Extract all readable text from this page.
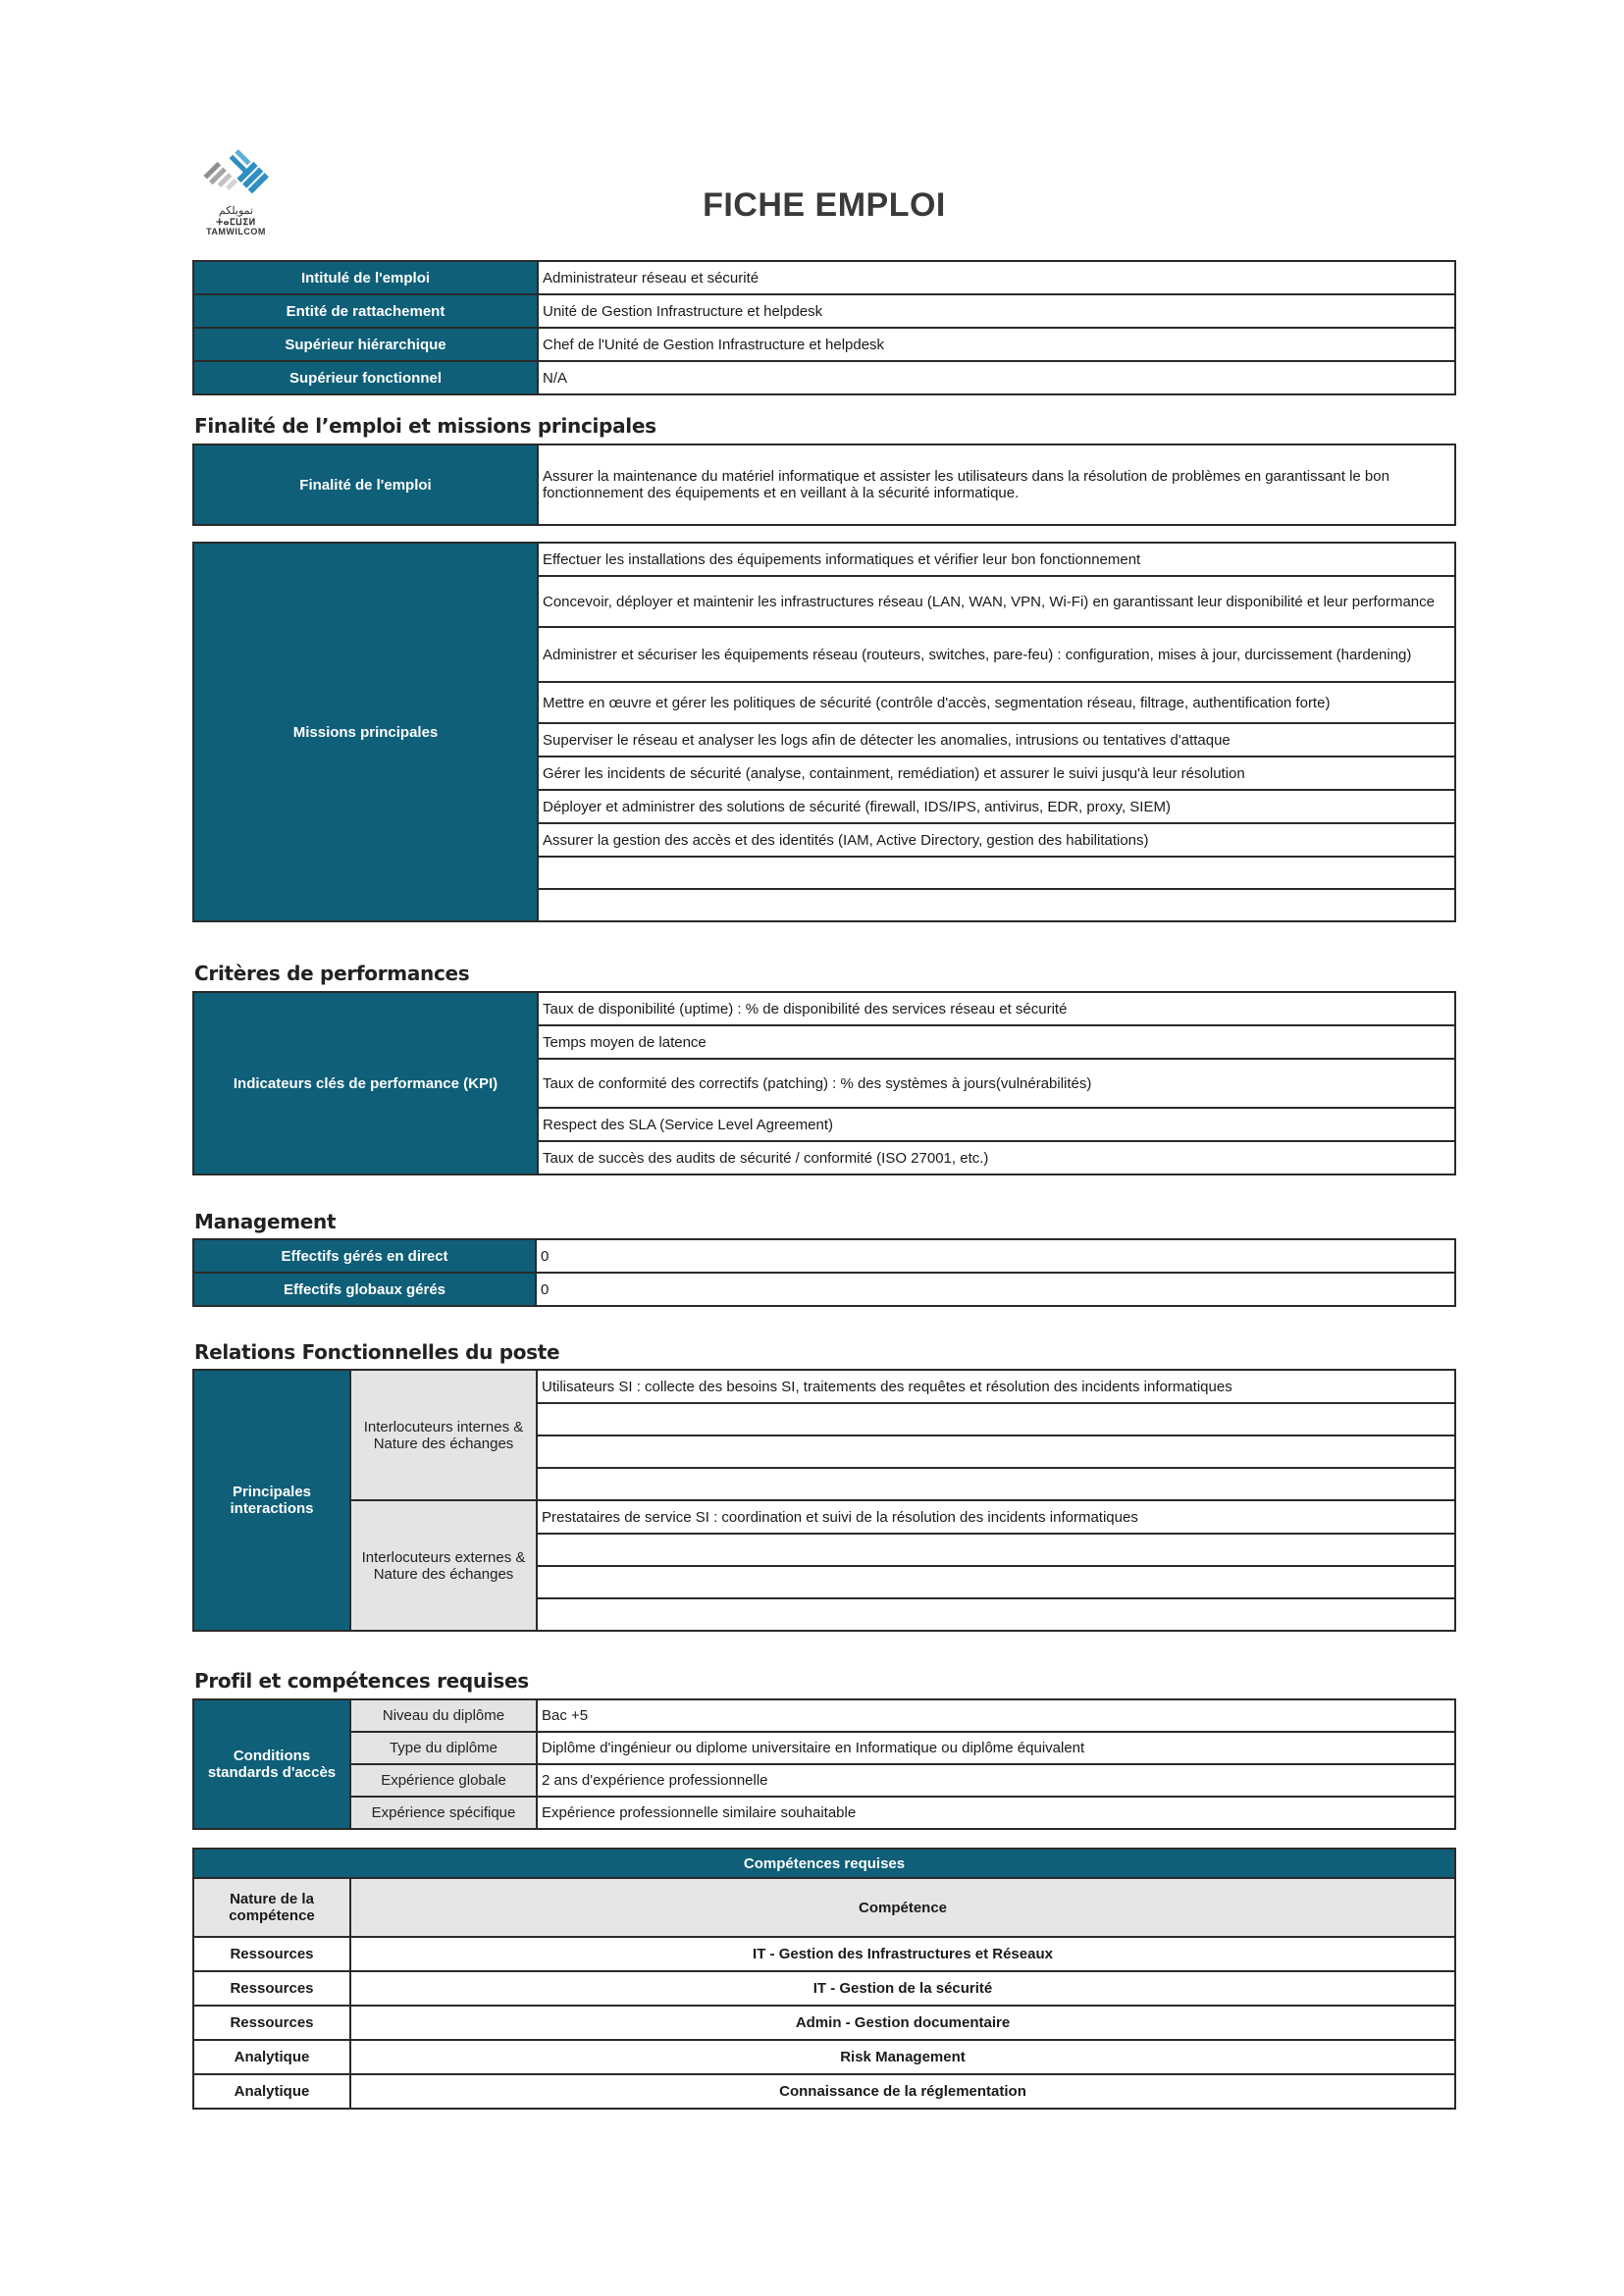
تمويلكم
ⵜⴰⵎⵡⵉⵍ
TAMWILCOM
FICHE EMPLOI
Intitulé de l'emploi	Administrateur réseau et sécurité
Entité de rattachement	Unité de Gestion Infrastructure et helpdesk
Supérieur hiérarchique	Chef de l'Unité de Gestion Infrastructure et helpdesk
Supérieur fonctionnel	N/A
Finalité de l’emploi et missions principales
Finalité de l'emploi	Assurer la maintenance du matériel informatique et assister les utilisateurs dans la résolution de problèmes en garantissant le bon fonctionnement des équipements et en veillant à la sécurité informatique.
Missions principales	Effectuer les installations des équipements informatiques et vérifier leur bon fonctionnement
Concevoir, déployer et maintenir les infrastructures réseau (LAN, WAN, VPN, Wi-Fi) en garantissant leur disponibilité et leur performance
Administrer et sécuriser les équipements réseau (routeurs, switches, pare-feu) : configuration, mises à jour, durcissement (hardening)
Mettre en œuvre et gérer les politiques de sécurité (contrôle d'accès, segmentation réseau, filtrage, authentification forte)
Superviser le réseau et analyser les logs afin de détecter les anomalies, intrusions ou tentatives d'attaque
Gérer les incidents de sécurité (analyse, containment, remédiation) et assurer le suivi jusqu'à leur résolution
Déployer et administrer des solutions de sécurité (firewall, IDS/IPS, antivirus, EDR, proxy, SIEM)
Assurer la gestion des accès et des identités (IAM, Active Directory, gestion des habilitations)

Critères de performances
Indicateurs clés de performance (KPI)	Taux de disponibilité (uptime) : % de disponibilité des services réseau et sécurité
Temps moyen de latence
Taux de conformité des correctifs (patching) : % des systèmes à jours(vulnérabilités)
Respect des SLA (Service Level Agreement)
Taux de succès des audits de sécurité / conformité (ISO 27001, etc.)
Management
Effectifs gérés en direct	0
Effectifs globaux gérés	0
Relations Fonctionnelles du poste
Principales interactions	Interlocuteurs internes & Nature des échanges	Utilisateurs SI : collecte des besoins SI, traitements des requêtes et résolution des incidents informatiques

	Interlocuteurs externes & Nature des échanges	Prestataires de service SI : coordination et suivi de la résolution des incidents informatiques

Profil et compétences requises
Conditions standards d'accès	Niveau du diplôme	Bac +5
	Type du diplôme	Diplôme d'ingénieur ou diplome universitaire en Informatique ou diplôme équivalent
	Expérience globale	2 ans d'expérience professionnelle
	Expérience spécifique	Expérience professionnelle similaire souhaitable
Compétences requises	
Nature de la compétence	Compétence
Ressources	IT - Gestion des Infrastructures et Réseaux
Ressources	IT - Gestion de la sécurité
Ressources	Admin - Gestion documentaire
Analytique	Risk Management
Analytique	Connaissance de la réglementation
